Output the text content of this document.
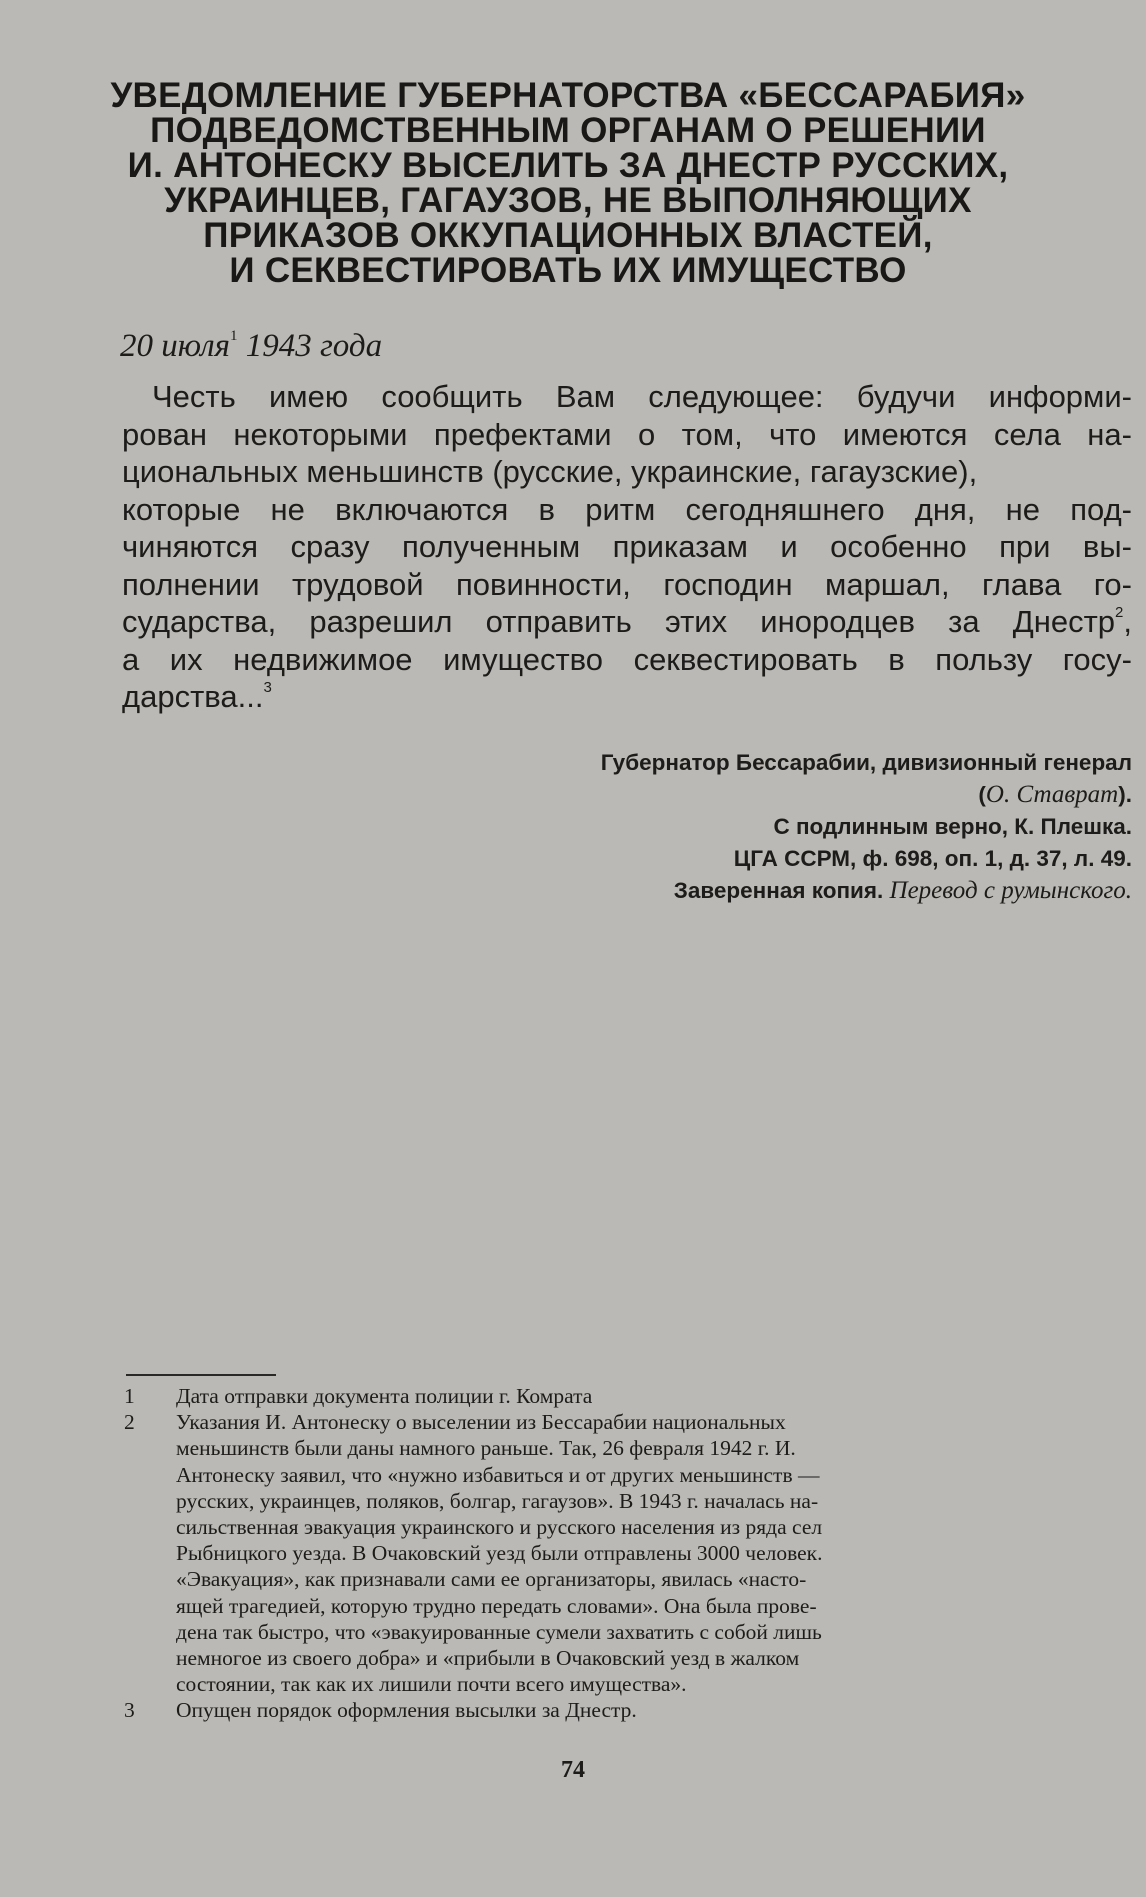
УВЕДОМЛЕНИЕ ГУБЕРНАТОРСТВА «БЕССАРАБИЯ»
ПОДВЕДОМСТВЕННЫМ ОРГАНАМ О РЕШЕНИИ
И. АНТОНЕСКУ ВЫСЕЛИТЬ ЗА ДНЕСТР РУССКИХ,
УКРАИНЦЕВ, ГАГАУЗОВ, НЕ ВЫПОЛНЯЮЩИХ
ПРИКАЗОВ ОККУПАЦИОННЫХ ВЛАСТЕЙ,
И СЕКВЕСТИРОВАТЬ ИХ ИМУЩЕСТВО
20 июля$^1$ 1943 года
Честь имею сообщить Вам следующее: будучи информи-
рован некоторыми префектами о том, что имеются села на-
циональных меньшинств (русские, украинские, гагаузские),
которые не включаются в ритм сегодняшнего дня, не под-
чиняются сразу полученным приказам и особенно при вы-
полнении трудовой повинности, господин маршал, глава го-
сударства, разрешил отправить этих инородцев за Днестр$^2$,
а их недвижимое имущество секвестировать в пользу госу-
дарства...$^3$
Губернатор Бессарабии, дивизионный генерал
(О. Ставрат).
С подлинным верно, К. Плешка.
ЦГА ССРМ, ф. 698, оп. 1, д. 37, л. 49.
Заверенная копия. Перевод с румынского.
1	Дата отправки документа полиции г. Комрата
2	Указания И. Антонеску о выселении из Бессарабии национальных
меньшинств были даны намного раньше. Так, 26 февраля 1942 г. И.
Антонеску заявил, что «нужно избавиться и от других меньшинств —
русских, украинцев, поляков, болгар, гагаузов». В 1943 г. началась на-
сильственная эвакуация украинского и русского населения из ряда сел
Рыбницкого уезда. В Очаковский уезд были отправлены 3000 человек.
«Эвакуация», как признавали сами ее организаторы, явилась «насто-
ящей трагедией, которую трудно передать словами». Она была прове-
дена так быстро, что «эвакуированные сумели захватить с собой лишь
немногое из своего добра» и «прибыли в Очаковский уезд в жалком
состоянии, так как их лишили почти всего имущества».
3	Опущен порядок оформления высылки за Днестр.
74
